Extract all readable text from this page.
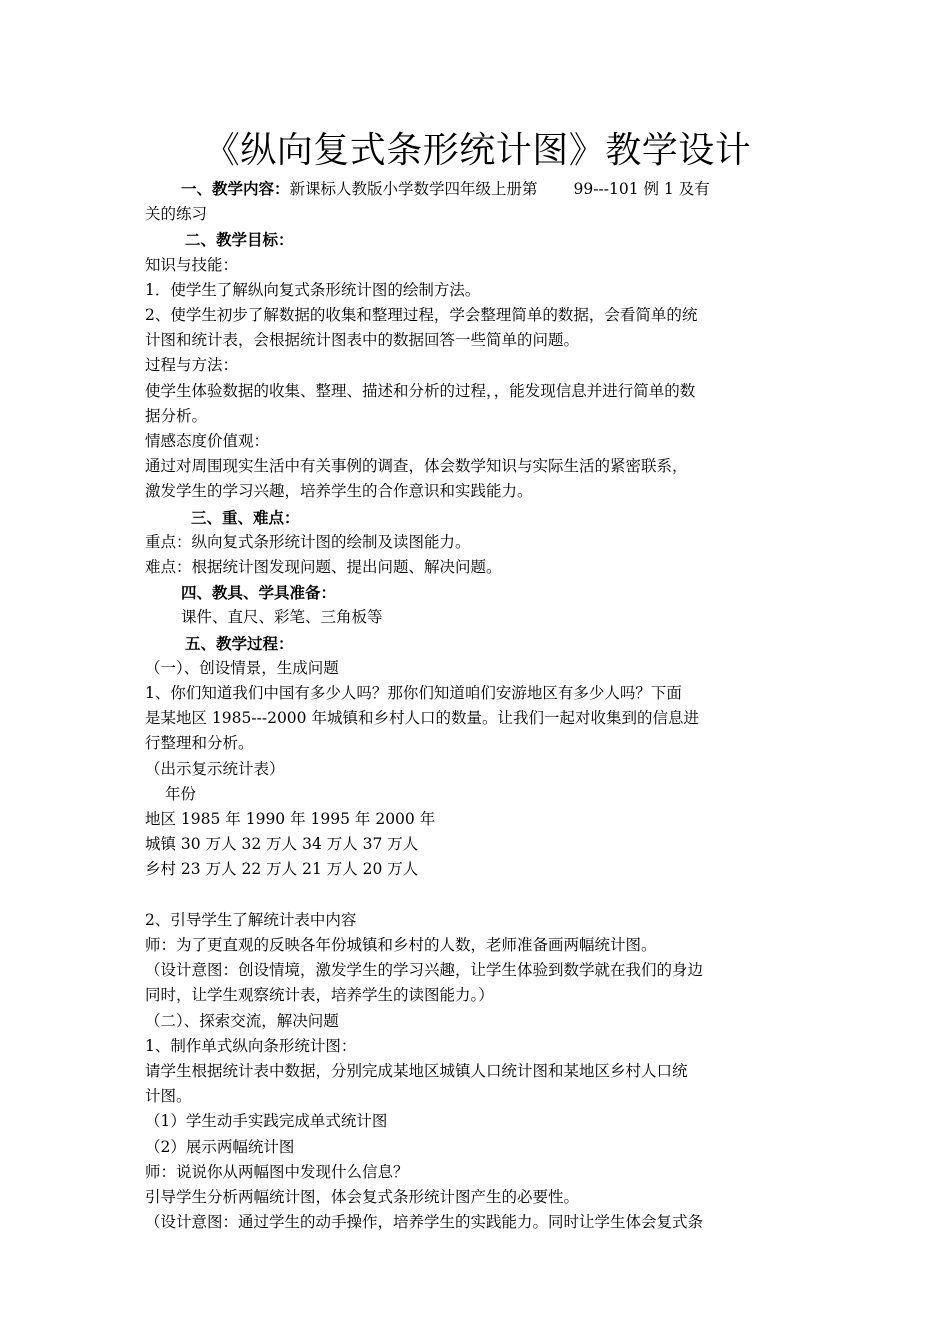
《纵向复式条形统计图》教学设计
一、教学内容：新课标人教版小学数学四年级上册第 99---101 例 1 及有
关的练习
二、教学目标：
知识与技能：
1．使学生了解纵向复式条形统计图的绘制方法。
2、使学生初步了解数据的收集和整理过程，学会整理简单的数据，会看简单的统
计图和统计表，会根据统计图表中的数据回答一些简单的问题。
过程与方法：
使学生体验数据的收集、整理、描述和分析的过程，，能发现信息并进行简单的数
据分析。
情感态度价值观：
通过对周围现实生活中有关事例的调查，体会数学知识与实际生活的紧密联系，
激发学生的学习兴趣，培养学生的合作意识和实践能力。
三、重、难点：
重点：纵向复式条形统计图的绘制及读图能力。
难点：根据统计图发现问题、提出问题、解决问题。
四、教具、学具准备：
课件、直尺、彩笔、三角板等
五、教学过程：
（一）、创设情景，生成问题
1、你们知道我们中国有多少人吗？那你们知道咱们安游地区有多少人吗？下面
是某地区 1985---2000 年城镇和乡村人口的数量。让我们一起对收集到的信息进
行整理和分析。
（出示复示统计表）
年份
地区 1985 年 1990 年 1995 年 2000 年
城镇 30 万人 32 万人 34 万人 37 万人
乡村 23 万人 22 万人 21 万人 20 万人
2、引导学生了解统计表中内容
师：为了更直观的反映各年份城镇和乡村的人数，老师准备画两幅统计图。
（设计意图：创设情境，激发学生的学习兴趣，让学生体验到数学就在我们的身边
同时，让学生观察统计表，培养学生的读图能力。）
（二）、探索交流，解决问题
1、制作单式纵向条形统计图：
请学生根据统计表中数据，分别完成某地区城镇人口统计图和某地区乡村人口统
计图。
（1）学生动手实践完成单式统计图
（2）展示两幅统计图
师：说说你从两幅图中发现什么信息？
引导学生分析两幅统计图，体会复式条形统计图产生的必要性。
（设计意图：通过学生的动手操作，培养学生的实践能力。同时让学生体会复式条
